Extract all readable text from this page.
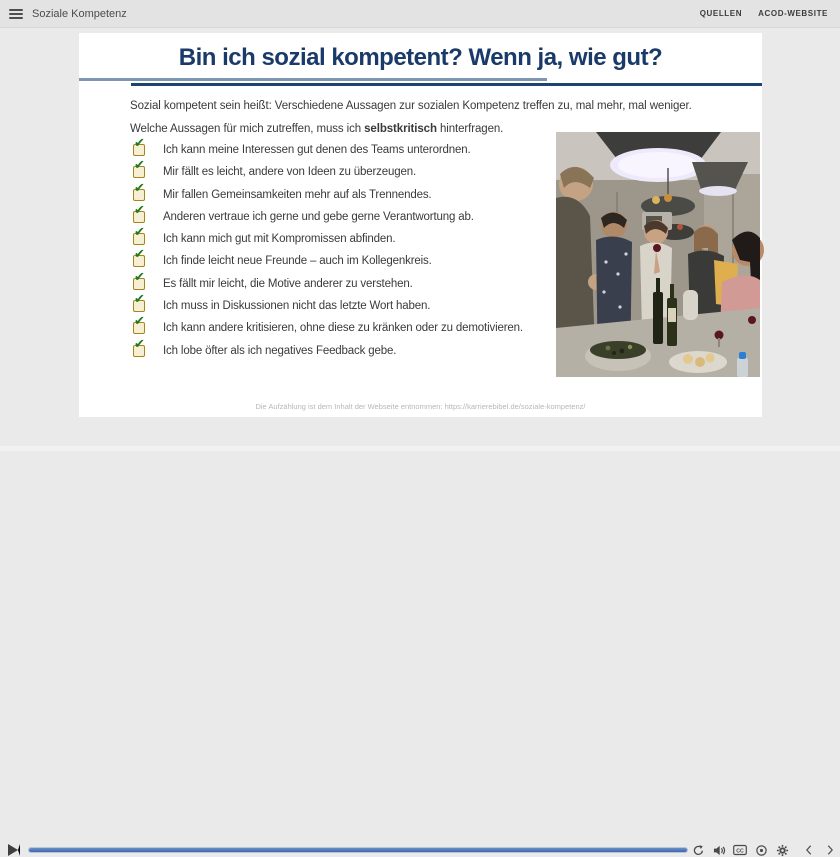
Soziale Kompetenz	QUELLEN ACOD-WEBSITE
Bin ich sozial kompetent? Wenn ja, wie gut?
Sozial kompetent sein heißt: Verschiedene Aussagen zur sozialen Kompetenz treffen zu, mal mehr, mal weniger.
Welche Aussagen für mich zutreffen, muss ich selbstkritisch hinterfragen.
✔ Ich kann meine Interessen gut denen des Teams unterordnen.
✔ Mir fällt es leicht, andere von Ideen zu überzeugen.
✔ Mir fallen Gemeinsamkeiten mehr auf als Trennendes.
✔ Anderen vertraue ich gerne und gebe gerne Verantwortung ab.
✔ Ich kann mich gut mit Kompromissen abfinden.
✔ Ich finde leicht neue Freunde – auch im Kollegenkreis.
✔ Es fällt mir leicht, die Motive anderer zu verstehen.
✔ Ich muss in Diskussionen nicht das letzte Wort haben.
✔ Ich kann andere kritisieren, ohne diese zu kränken oder zu demotivieren.
✔ Ich lobe öfter als ich negatives Feedback gebe.

Die Aufzählung ist dem Inhalt der Webseite entnommen: https://karrierebibel.de/soziale-kompetenz/

CC
